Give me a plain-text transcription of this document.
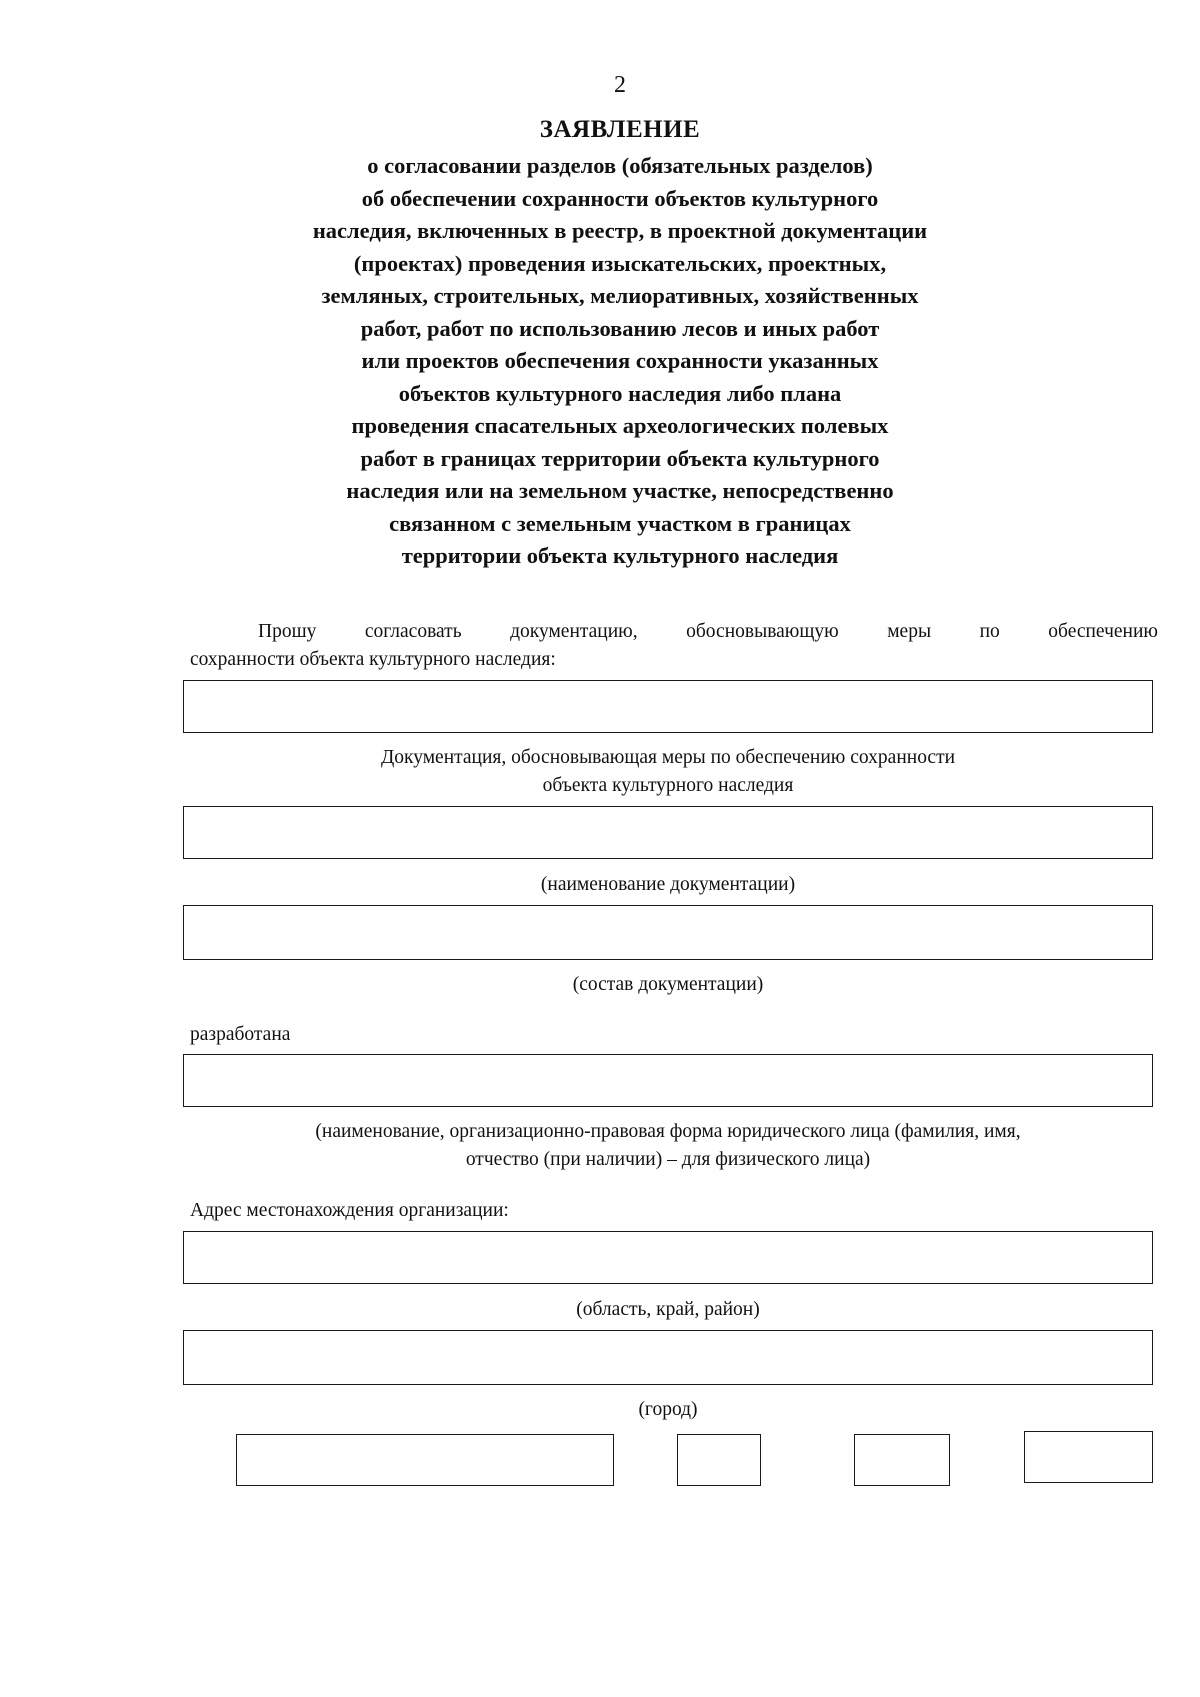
2
ЗАЯВЛЕНИЕ
о согласовании разделов (обязательных разделов)
об обеспечении сохранности объектов культурного
наследия, включенных в реестр, в проектной документации
(проектах) проведения изыскательских, проектных,
земляных, строительных, мелиоративных, хозяйственных
работ, работ по использованию лесов и иных работ
или проектов обеспечения сохранности указанных
объектов культурного наследия либо плана
проведения спасательных археологических полевых
работ в границах территории объекта культурного
наследия или на земельном участке, непосредственно
связанном с земельным участком в границах
территории объекта культурного наследия
Прошу согласовать документацию, обосновывающую меры по обеспечению
сохранности объекта культурного наследия:
Документация, обосновывающая меры по обеспечению сохранности
объекта культурного наследия
(наименование документации)
(состав документации)
разработана
(наименование, организационно-правовая форма юридического лица (фамилия, имя,
отчество (при наличии) – для физического лица)
Адрес местонахождения организации:
(область, край, район)
(город)
